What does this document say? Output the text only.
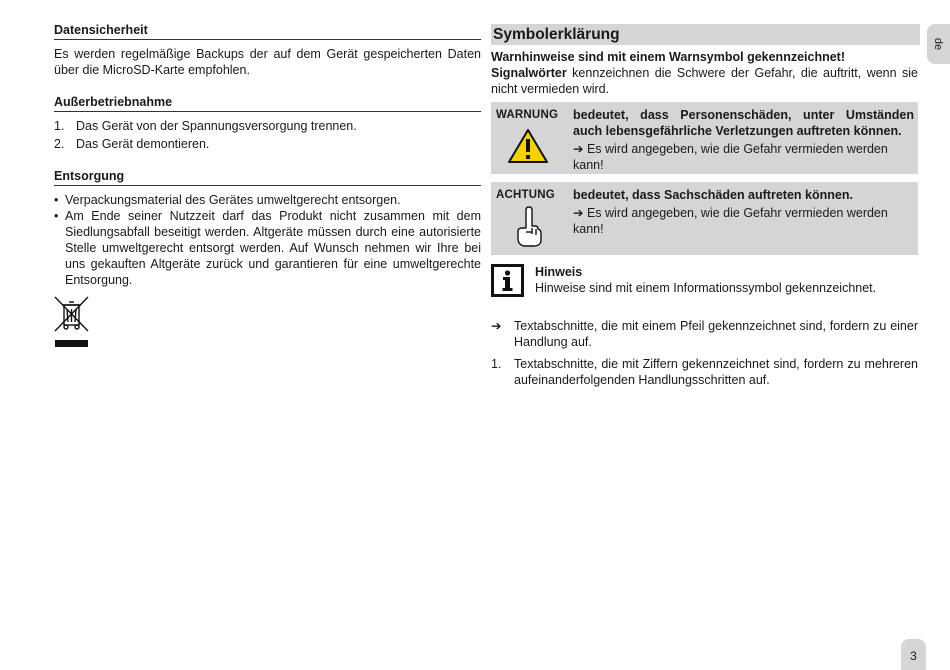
Datensicherheit

Es werden regelmäßige Backups der auf dem Gerät gespeicherten Daten über die MicroSD-Karte empfohlen.

Außerbetriebnahme
1. Das Gerät von der Spannungsversorgung trennen.
2. Das Gerät demontieren.
Entsorgung
• Verpackungsmaterial des Gerätes umweltgerecht entsorgen.
• Am Ende seiner Nutzzeit darf das Produkt nicht zusammen mit dem Siedlungsabfall beseitigt werden. Altgeräte müssen durch eine autorisierte Stelle umweltgerecht entsorgt werden. Auf Wunsch nehmen wir Ihre bei uns gekauften Altgeräte zurück und garantieren für eine umweltgerechte Entsorgung.
Symbolerklärung

Warnhinweise sind mit einem Warnsymbol gekennzeichnet!

Signalwörter kennzeichnen die Schwere der Gefahr, die auftritt, wenn sie nicht vermieden wird.

WARNUNG bedeutet, dass Personenschäden, unter Umständen auch lebensgefährliche Verletzungen auftreten können.
➔ Es wird angegeben, wie die Gefahr vermieden werden kann!
ACHTUNG bedeutet, dass Sachschäden auftreten können.
➔ Es wird angegeben, wie die Gefahr vermieden werden kann!
Hinweis
Hinweise sind mit einem Informationssymbol gekennzeichnet.
➔ Textabschnitte, die mit einem Pfeil gekennzeichnet sind, fordern zu einer Handlung auf.
1. Textabschnitte, die mit Ziffern gekennzeichnet sind, fordern zu mehreren aufeinanderfolgenden Handlungsschritten auf.
de
3
